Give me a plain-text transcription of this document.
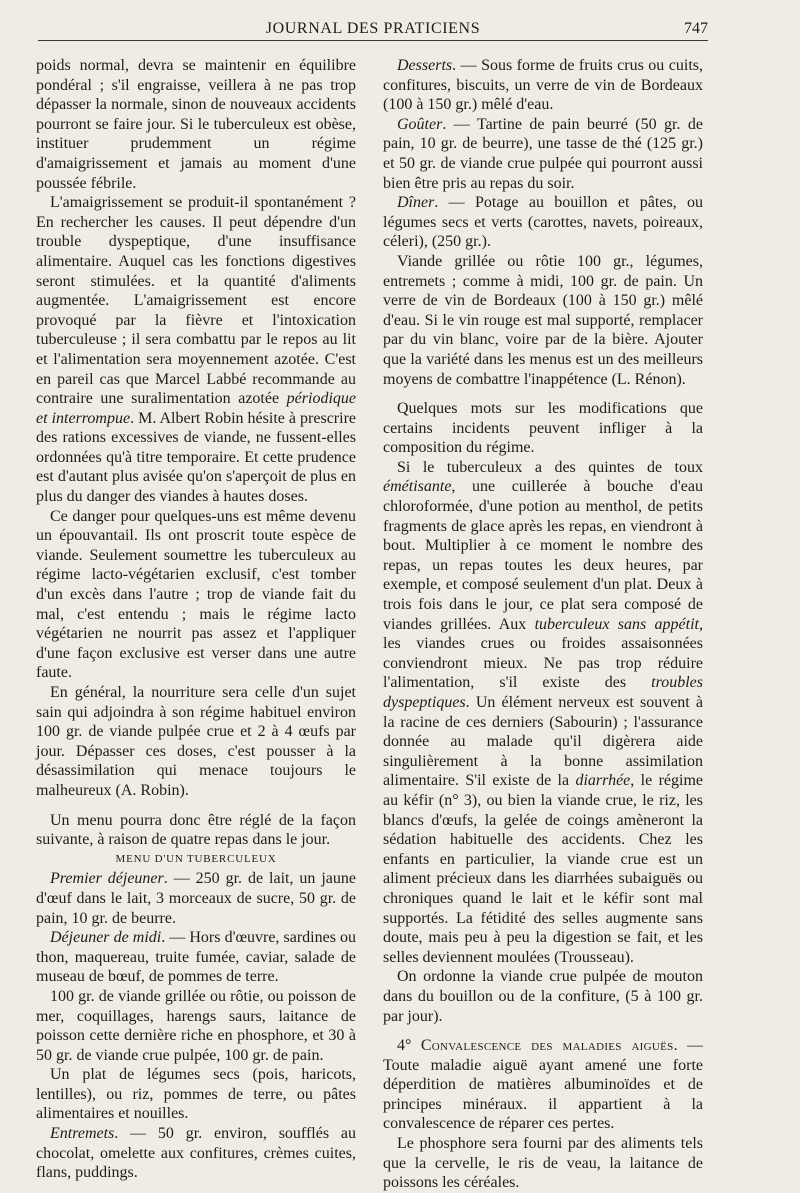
JOURNAL DES PRATICIENS	747

poids normal, devra se maintenir en équilibre pondéral ; s'il engraisse, veillera à ne pas trop dépasser la normale, sinon de nouveaux accidents pourront se faire jour. Si le tuberculeux est obèse, instituer prudemment un régime d'amaigrissement et jamais au moment d'une poussée fébrile.

L'amaigrissement se produit-il spontanément ? En rechercher les causes. Il peut dépendre d'un trouble dyspeptique, d'une insuffisance alimentaire. Auquel cas les fonctions digestives seront stimulées. et la quantité d'aliments augmentée. L'amaigrissement est encore provoqué par la fièvre et l'intoxication tuberculeuse ; il sera combattu par le repos au lit et l'alimentation sera moyennement azotée. C'est en pareil cas que Marcel Labbé recommande au contraire une suralimentation azotée périodique et interrompue. M. Albert Robin hésite à prescrire des rations excessives de viande, ne fussent-elles ordonnées qu'à titre temporaire. Et cette prudence est d'autant plus avisée qu'on s'aperçoit de plus en plus du danger des viandes à hautes doses.

Ce danger pour quelques-uns est même devenu un épouvantail. Ils ont proscrit toute espèce de viande. Seulement soumettre les tuberculeux au régime lacto-végétarien exclusif, c'est tomber d'un excès dans l'autre ; trop de viande fait du mal, c'est entendu ; mais le régime lacto végétarien ne nourrit pas assez et l'appliquer d'une façon exclusive est verser dans une autre faute.

En général, la nourriture sera celle d'un sujet sain qui adjoindra à son régime habituel environ 100 gr. de viande pulpée crue et 2 à 4 œufs par jour. Dépasser ces doses, c'est pousser à la désassimilation qui menace toujours le malheureux (A. Robin).

Un menu pourra donc être réglé de la façon suivante, à raison de quatre repas dans le jour.

MENU D'UN TUBERCULEUX

Premier déjeuner. — 250 gr. de lait, un jaune d'œuf dans le lait, 3 morceaux de sucre, 50 gr. de pain, 10 gr. de beurre.

Déjeuner de midi. — Hors d'œuvre, sardines ou thon, maquereau, truite fumée, caviar, salade de museau de bœuf, de pommes de terre.

100 gr. de viande grillée ou rôtie, ou poisson de mer, coquillages, harengs saurs, laitance de poisson cette dernière riche en phosphore, et 30 à 50 gr. de viande crue pulpée, 100 gr. de pain.

Un plat de légumes secs (pois, haricots, lentilles), ou riz, pommes de terre, ou pâtes alimentaires et nouilles.

Entremets. — 50 gr. environ, soufflés au chocolat, omelette aux confitures, crèmes cuites, flans, puddings.

Desserts. — Sous forme de fruits crus ou cuits, confitures, biscuits, un verre de vin de Bordeaux (100 à 150 gr.) mêlé d'eau.

Goûter. — Tartine de pain beurré (50 gr. de pain, 10 gr. de beurre), une tasse de thé (125 gr.) et 50 gr. de viande crue pulpée qui pourront aussi bien être pris au repas du soir.

Dîner. — Potage au bouillon et pâtes, ou légumes secs et verts (carottes, navets, poireaux, céleri), (250 gr.).

Viande grillée ou rôtie 100 gr., légumes, entremets ; comme à midi, 100 gr. de pain. Un verre de vin de Bordeaux (100 à 150 gr.) mêlé d'eau. Si le vin rouge est mal supporté, remplacer par du vin blanc, voire par de la bière. Ajouter que la variété dans les menus est un des meilleurs moyens de combattre l'inappétence (L. Rénon).

Quelques mots sur les modifications que certains incidents peuvent infliger à la composition du régime.

Si le tuberculeux a des quintes de toux émétisante, une cuillerée à bouche d'eau chloroformée, d'une potion au menthol, de petits fragments de glace après les repas, en viendront à bout. Multiplier à ce moment le nombre des repas, un repas toutes les deux heures, par exemple, et composé seulement d'un plat. Deux à trois fois dans le jour, ce plat sera composé de viandes grillées. Aux tuberculeux sans appétit, les viandes crues ou froides assaisonnées conviendront mieux. Ne pas trop réduire l'alimentation, s'il existe des troubles dyspeptiques. Un élément nerveux est souvent à la racine de ces derniers (Sabourin) ; l'assurance donnée au malade qu'il digèrera aide singulièrement à la bonne assimilation alimentaire. S'il existe de la diarrhée, le régime au kéfir (n° 3), ou bien la viande crue, le riz, les blancs d'œufs, la gelée de coings amèneront la sédation habituelle des accidents. Chez les enfants en particulier, la viande crue est un aliment précieux dans les diarrhées subaiguës ou chroniques quand le lait et le kéfir sont mal supportés. La fétidité des selles augmente sans doute, mais peu à peu la digestion se fait, et les selles deviennent moulées (Trousseau).

On ordonne la viande crue pulpée de mouton dans du bouillon ou de la confiture, (5 à 100 gr. par jour).

4° Convalescence des maladies aiguës. — Toute maladie aiguë ayant amené une forte déperdition de matières albuminoïdes et de principes minéraux. il appartient à la convalescence de réparer ces pertes.

Le phosphore sera fourni par des aliments tels que la cervelle, le ris de veau, la laitance de poissons les céréales.
